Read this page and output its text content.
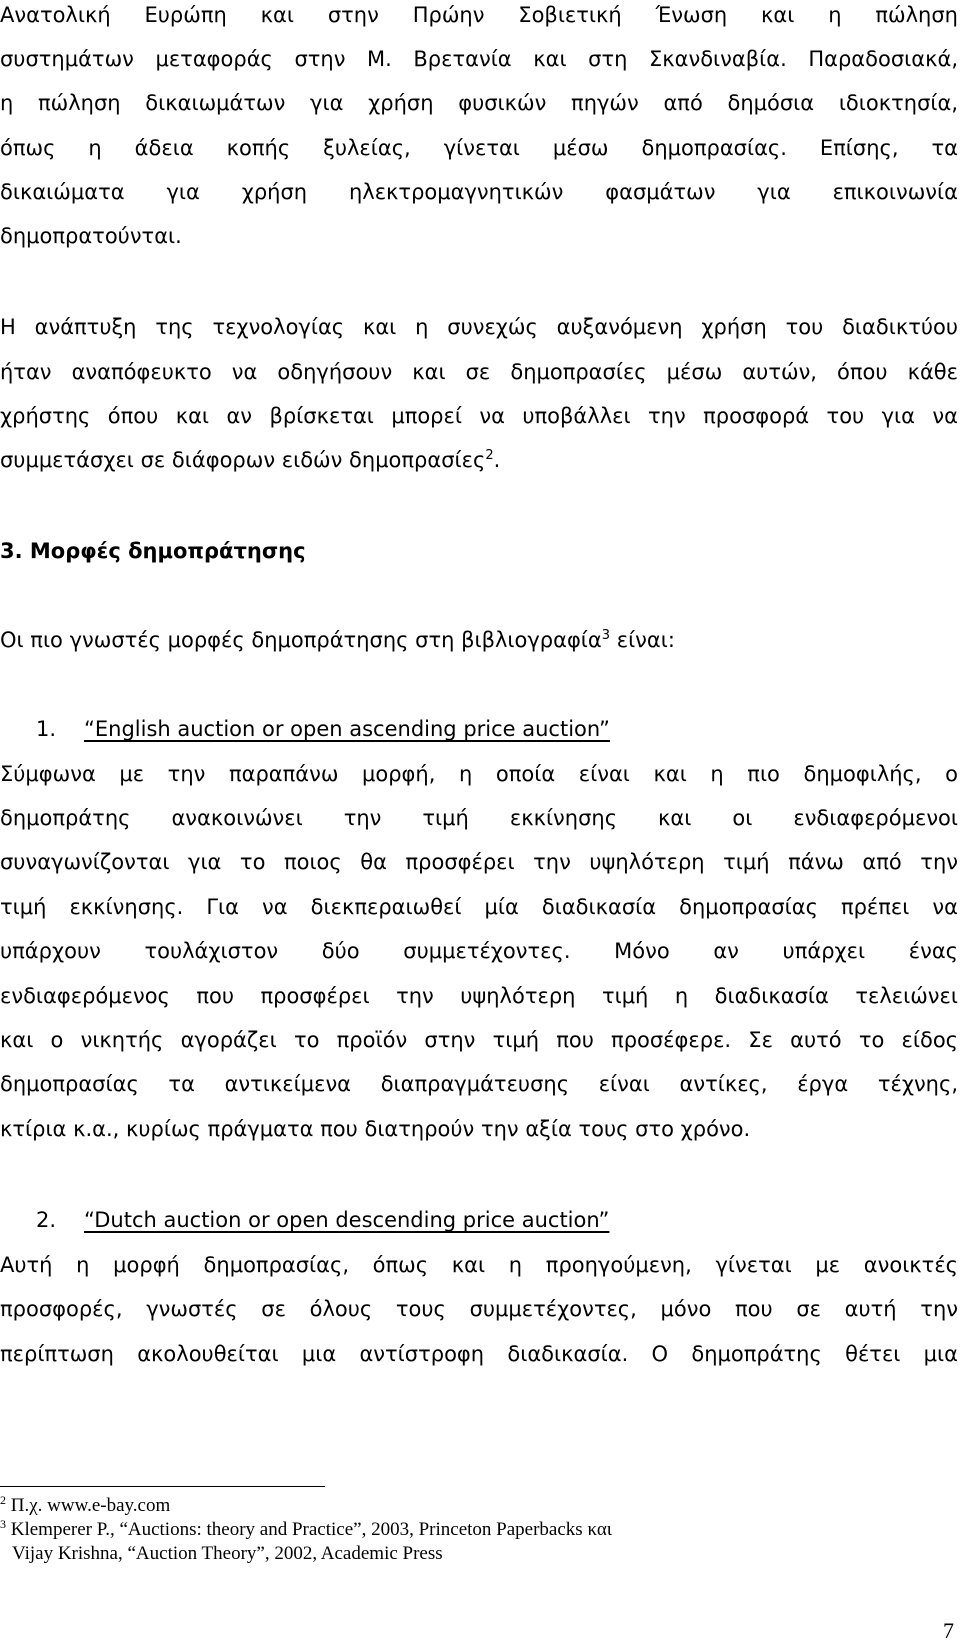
Ανατολική Ευρώπη και στην Πρώην Σοβιετική Ένωση και η πώληση

συστημάτων μεταφοράς στην Μ. Βρετανία και στη Σκανδιναβία. Παραδοσιακά,

η πώληση δικαιωμάτων για χρήση φυσικών πηγών από δημόσια ιδιοκτησία,

όπως η άδεια κοπής ξυλείας, γίνεται μέσω δημοπρασίας. Επίσης, τα

δικαιώματα για χρήση ηλεκτρομαγνητικών φασμάτων για επικοινωνία

δημοπρατούνται.

Η ανάπτυξη της τεχνολογίας και η συνεχώς αυξανόμενη χρήση του διαδικτύου

ήταν αναπόφευκτο να οδηγήσουν και σε δημοπρασίες μέσω αυτών, όπου κάθε

χρήστης όπου και αν βρίσκεται μπορεί να υποβάλλει την προσφορά του για να

συμμετάσχει σε διάφορων ειδών δημοπρασίες$^2$.

3. Μορφές δημοπράτησης

Οι πιο γνωστές μορφές δημοπράτησης στη βιβλιογραφία$^3$ είναι:

1. “English auction or open ascending price auction”

Σύμφωνα με την παραπάνω μορφή, η οποία είναι και η πιο δημοφιλής, ο

δημοπράτης ανακοινώνει την τιμή εκκίνησης και οι ενδιαφερόμενοι

συναγωνίζονται για το ποιος θα προσφέρει την υψηλότερη τιμή πάνω από την

τιμή εκκίνησης. Για να διεκπεραιωθεί μία διαδικασία δημοπρασίας πρέπει να

υπάρχουν τουλάχιστον δύο συμμετέχοντες. Μόνο αν υπάρχει ένας

ενδιαφερόμενος που προσφέρει την υψηλότερη τιμή η διαδικασία τελειώνει

και ο νικητής αγοράζει το προϊόν στην τιμή που προσέφερε. Σε αυτό το είδος

δημοπρασίας τα αντικείμενα διαπραγμάτευσης είναι αντίκες, έργα τέχνης,

κτίρια κ.α., κυρίως πράγματα που διατηρούν την αξία τους στο χρόνο.

2. “Dutch auction or open descending price auction”

Αυτή η μορφή δημοπρασίας, όπως και η προηγούμενη, γίνεται με ανοικτές

προσφορές, γνωστές σε όλους τους συμμετέχοντες, μόνο που σε αυτή την

περίπτωση ακολουθείται μια αντίστροφη διαδικασία. Ο δημοπράτης θέτει μια

$^2$ Π.χ. www.e-bay.com

$^3$ Klemperer P., “Auctions: theory and Practice”, 2003, Princeton Paperbacks και

Vijay Krishna, “Auction Theory”, 2002, Academic Press

7
